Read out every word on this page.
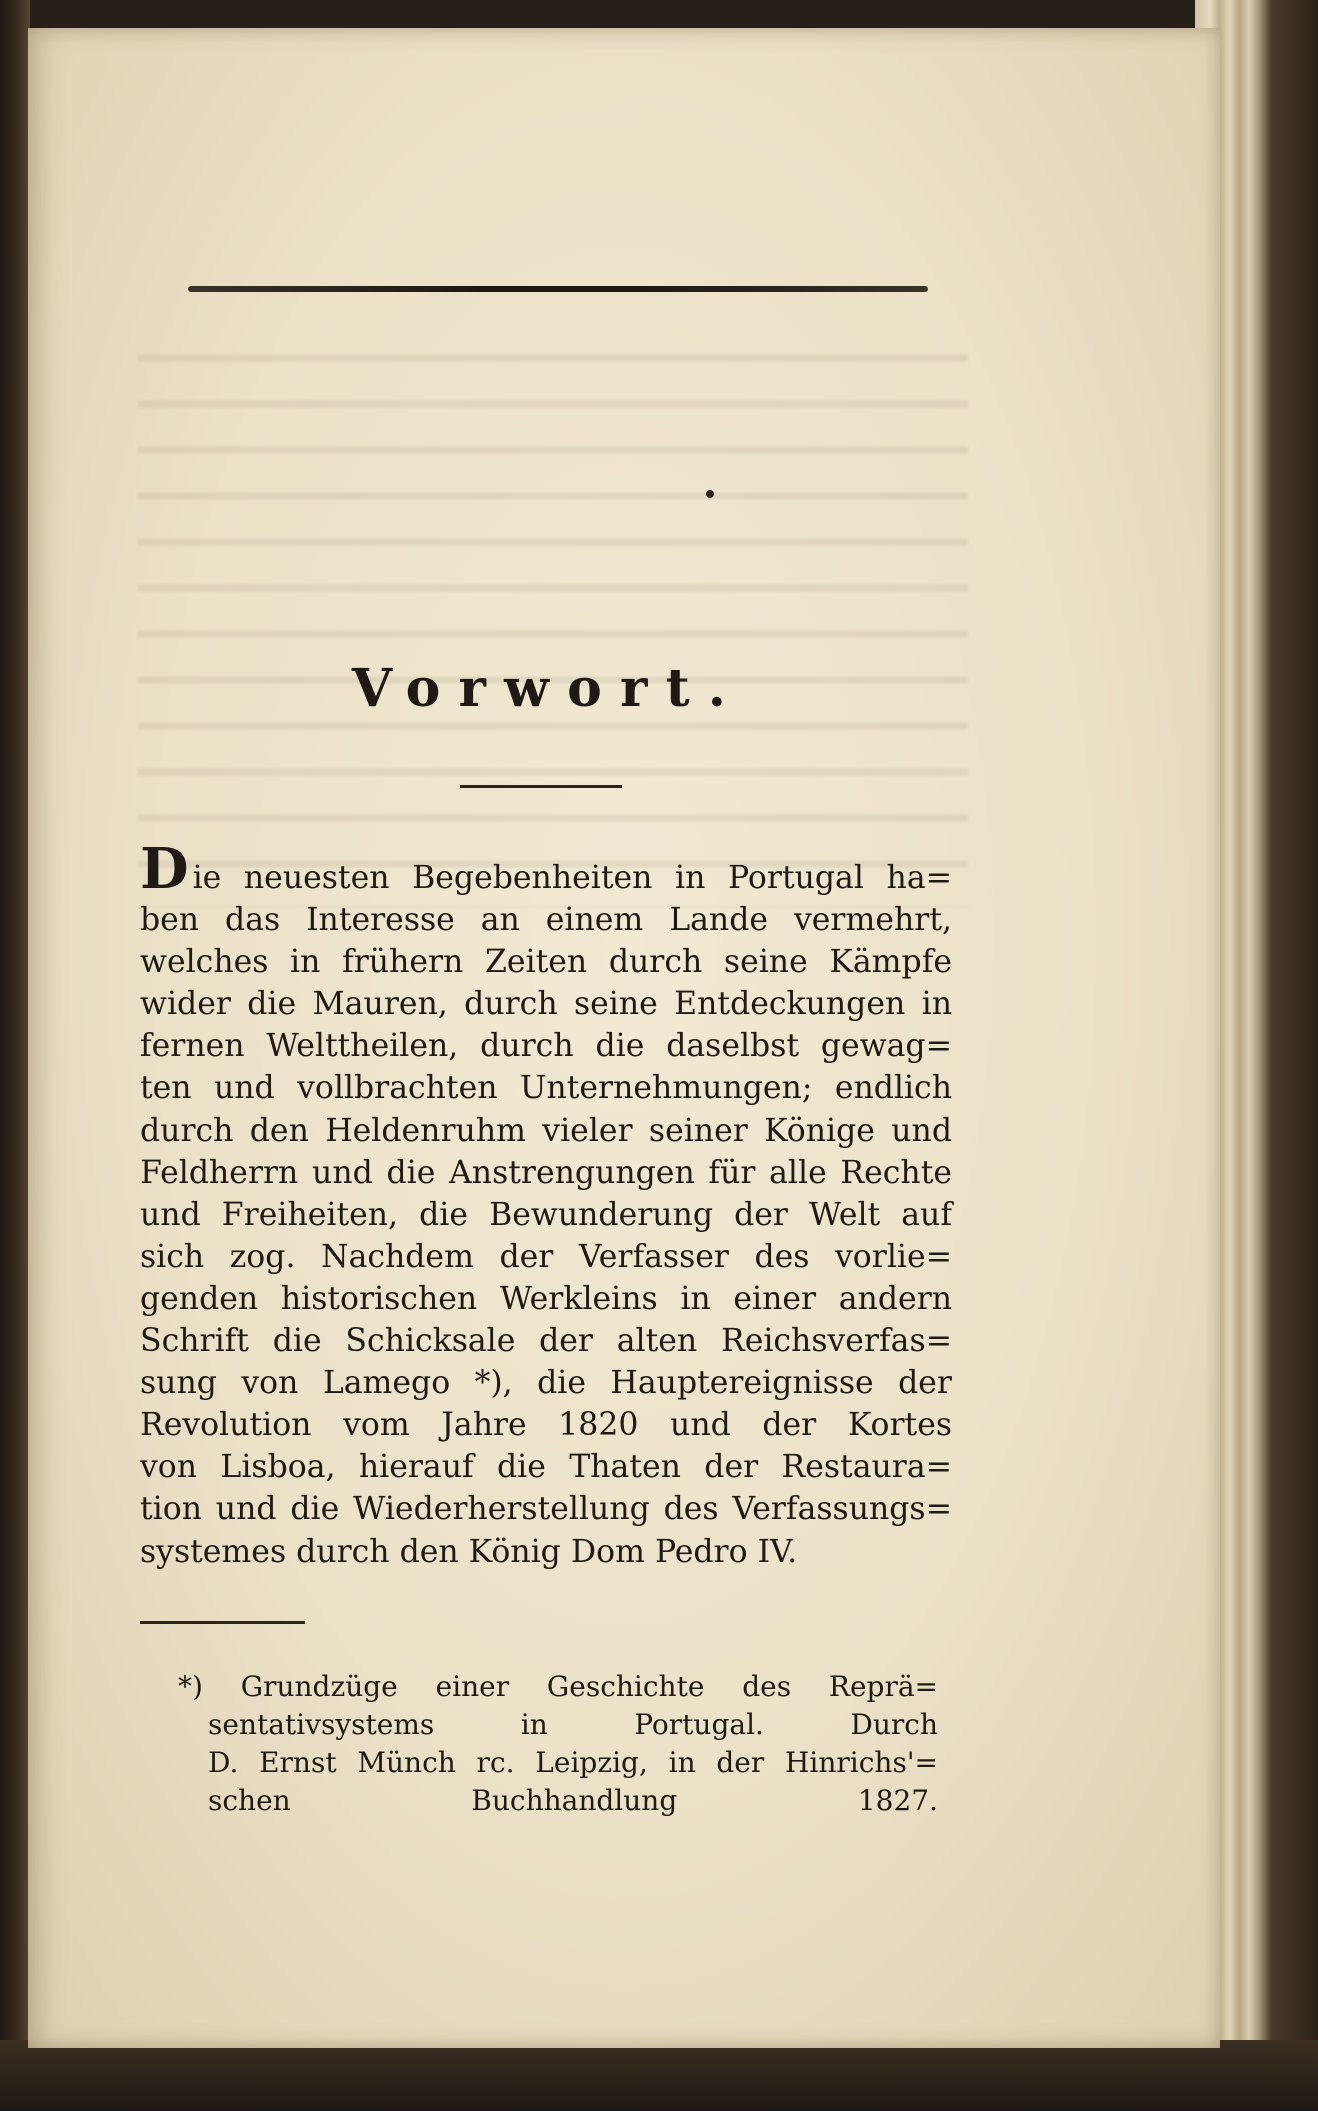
Vorwort.
Die neuesten Begebenheiten in Portugal ha=
ben das Interesse an einem Lande vermehrt,
welches in frühern Zeiten durch seine Kämpfe
wider die Mauren, durch seine Entdeckungen in
fernen Welttheilen, durch die daselbst gewag=
ten und vollbrachten Unternehmungen; endlich
durch den Heldenruhm vieler seiner Könige und
Feldherrn und die Anstrengungen für alle Rechte
und Freiheiten, die Bewunderung der Welt auf
sich zog. Nachdem der Verfasser des vorlie=
genden historischen Werkleins in einer andern
Schrift die Schicksale der alten Reichsverfas=
sung von Lamego *), die Hauptereignisse der
Revolution vom Jahre 1820 und der Kortes
von Lisboa, hierauf die Thaten der Restaura=
tion und die Wiederherstellung des Verfassungs=
systemes durch den König Dom Pedro IV.
*) Grundzüge einer Geschichte des Reprä=
sentativsystems in Portugal. Durch
D. Ernst Münch rc. Leipzig, in der Hinrichs'=
schen Buchhandlung 1827.
